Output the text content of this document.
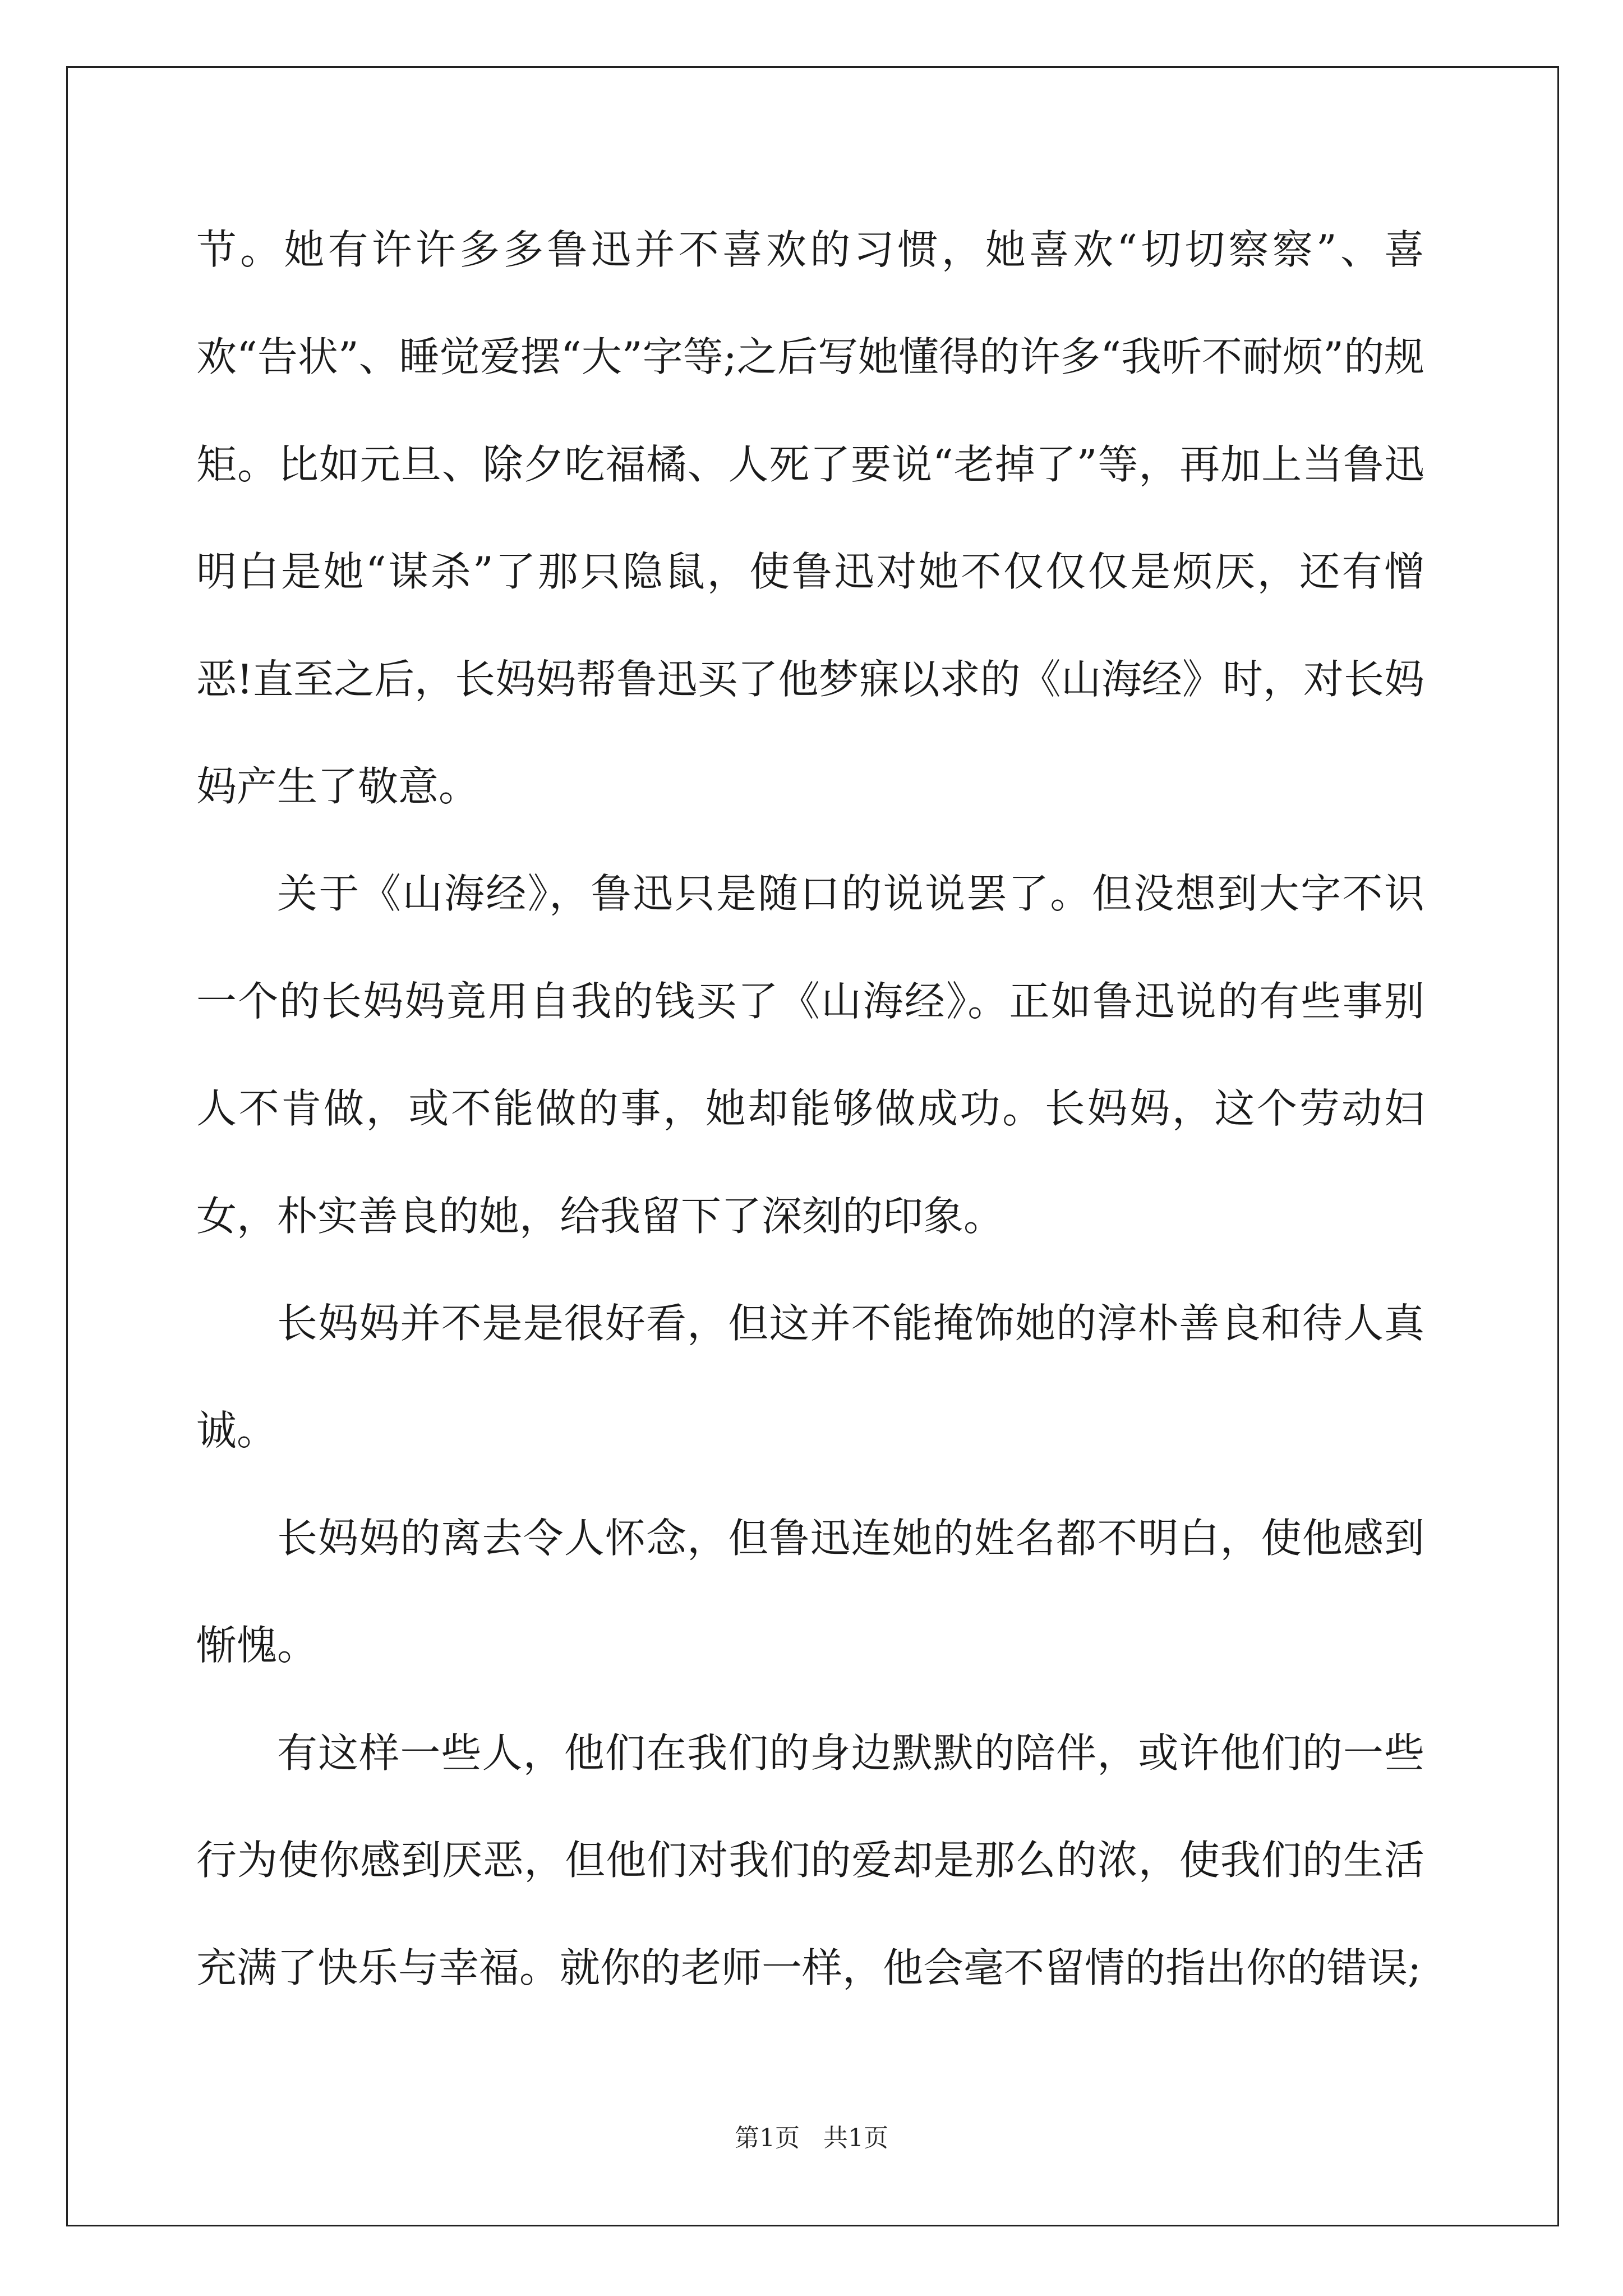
节。她有许许多多鲁迅并不喜欢的习惯，她喜欢“切切察察”、喜欢“告状”、睡觉爱摆“大”字等;之后写她懂得的许多“我听不耐烦”的规矩。比如元旦、除夕吃福橘、人死了要说“老掉了”等，再加上当鲁迅明白是她“谋杀”了那只隐鼠，使鲁迅对她不仅仅仅是烦厌，还有憎恶!直至之后，长妈妈帮鲁迅买了他梦寐以求的《山海经》时，对长妈妈产生了敬意。

关于《山海经》，鲁迅只是随口的说说罢了。但没想到大字不识一个的长妈妈竟用自我的钱买了《山海经》。正如鲁迅说的有些事别人不肯做，或不能做的事，她却能够做成功。长妈妈，这个劳动妇女，朴实善良的她，给我留下了深刻的印象。

长妈妈并不是是很好看，但这并不能掩饰她的淳朴善良和待人真诚。

长妈妈的离去令人怀念，但鲁迅连她的姓名都不明白，使他感到惭愧。

有这样一些人，他们在我们的身边默默的陪伴，或许他们的一些行为使你感到厌恶，但他们对我们的爱却是那么的浓，使我们的生活充满了快乐与幸福。就你的老师一样，他会毫不留情的指出你的错误;

第1页   共1页
